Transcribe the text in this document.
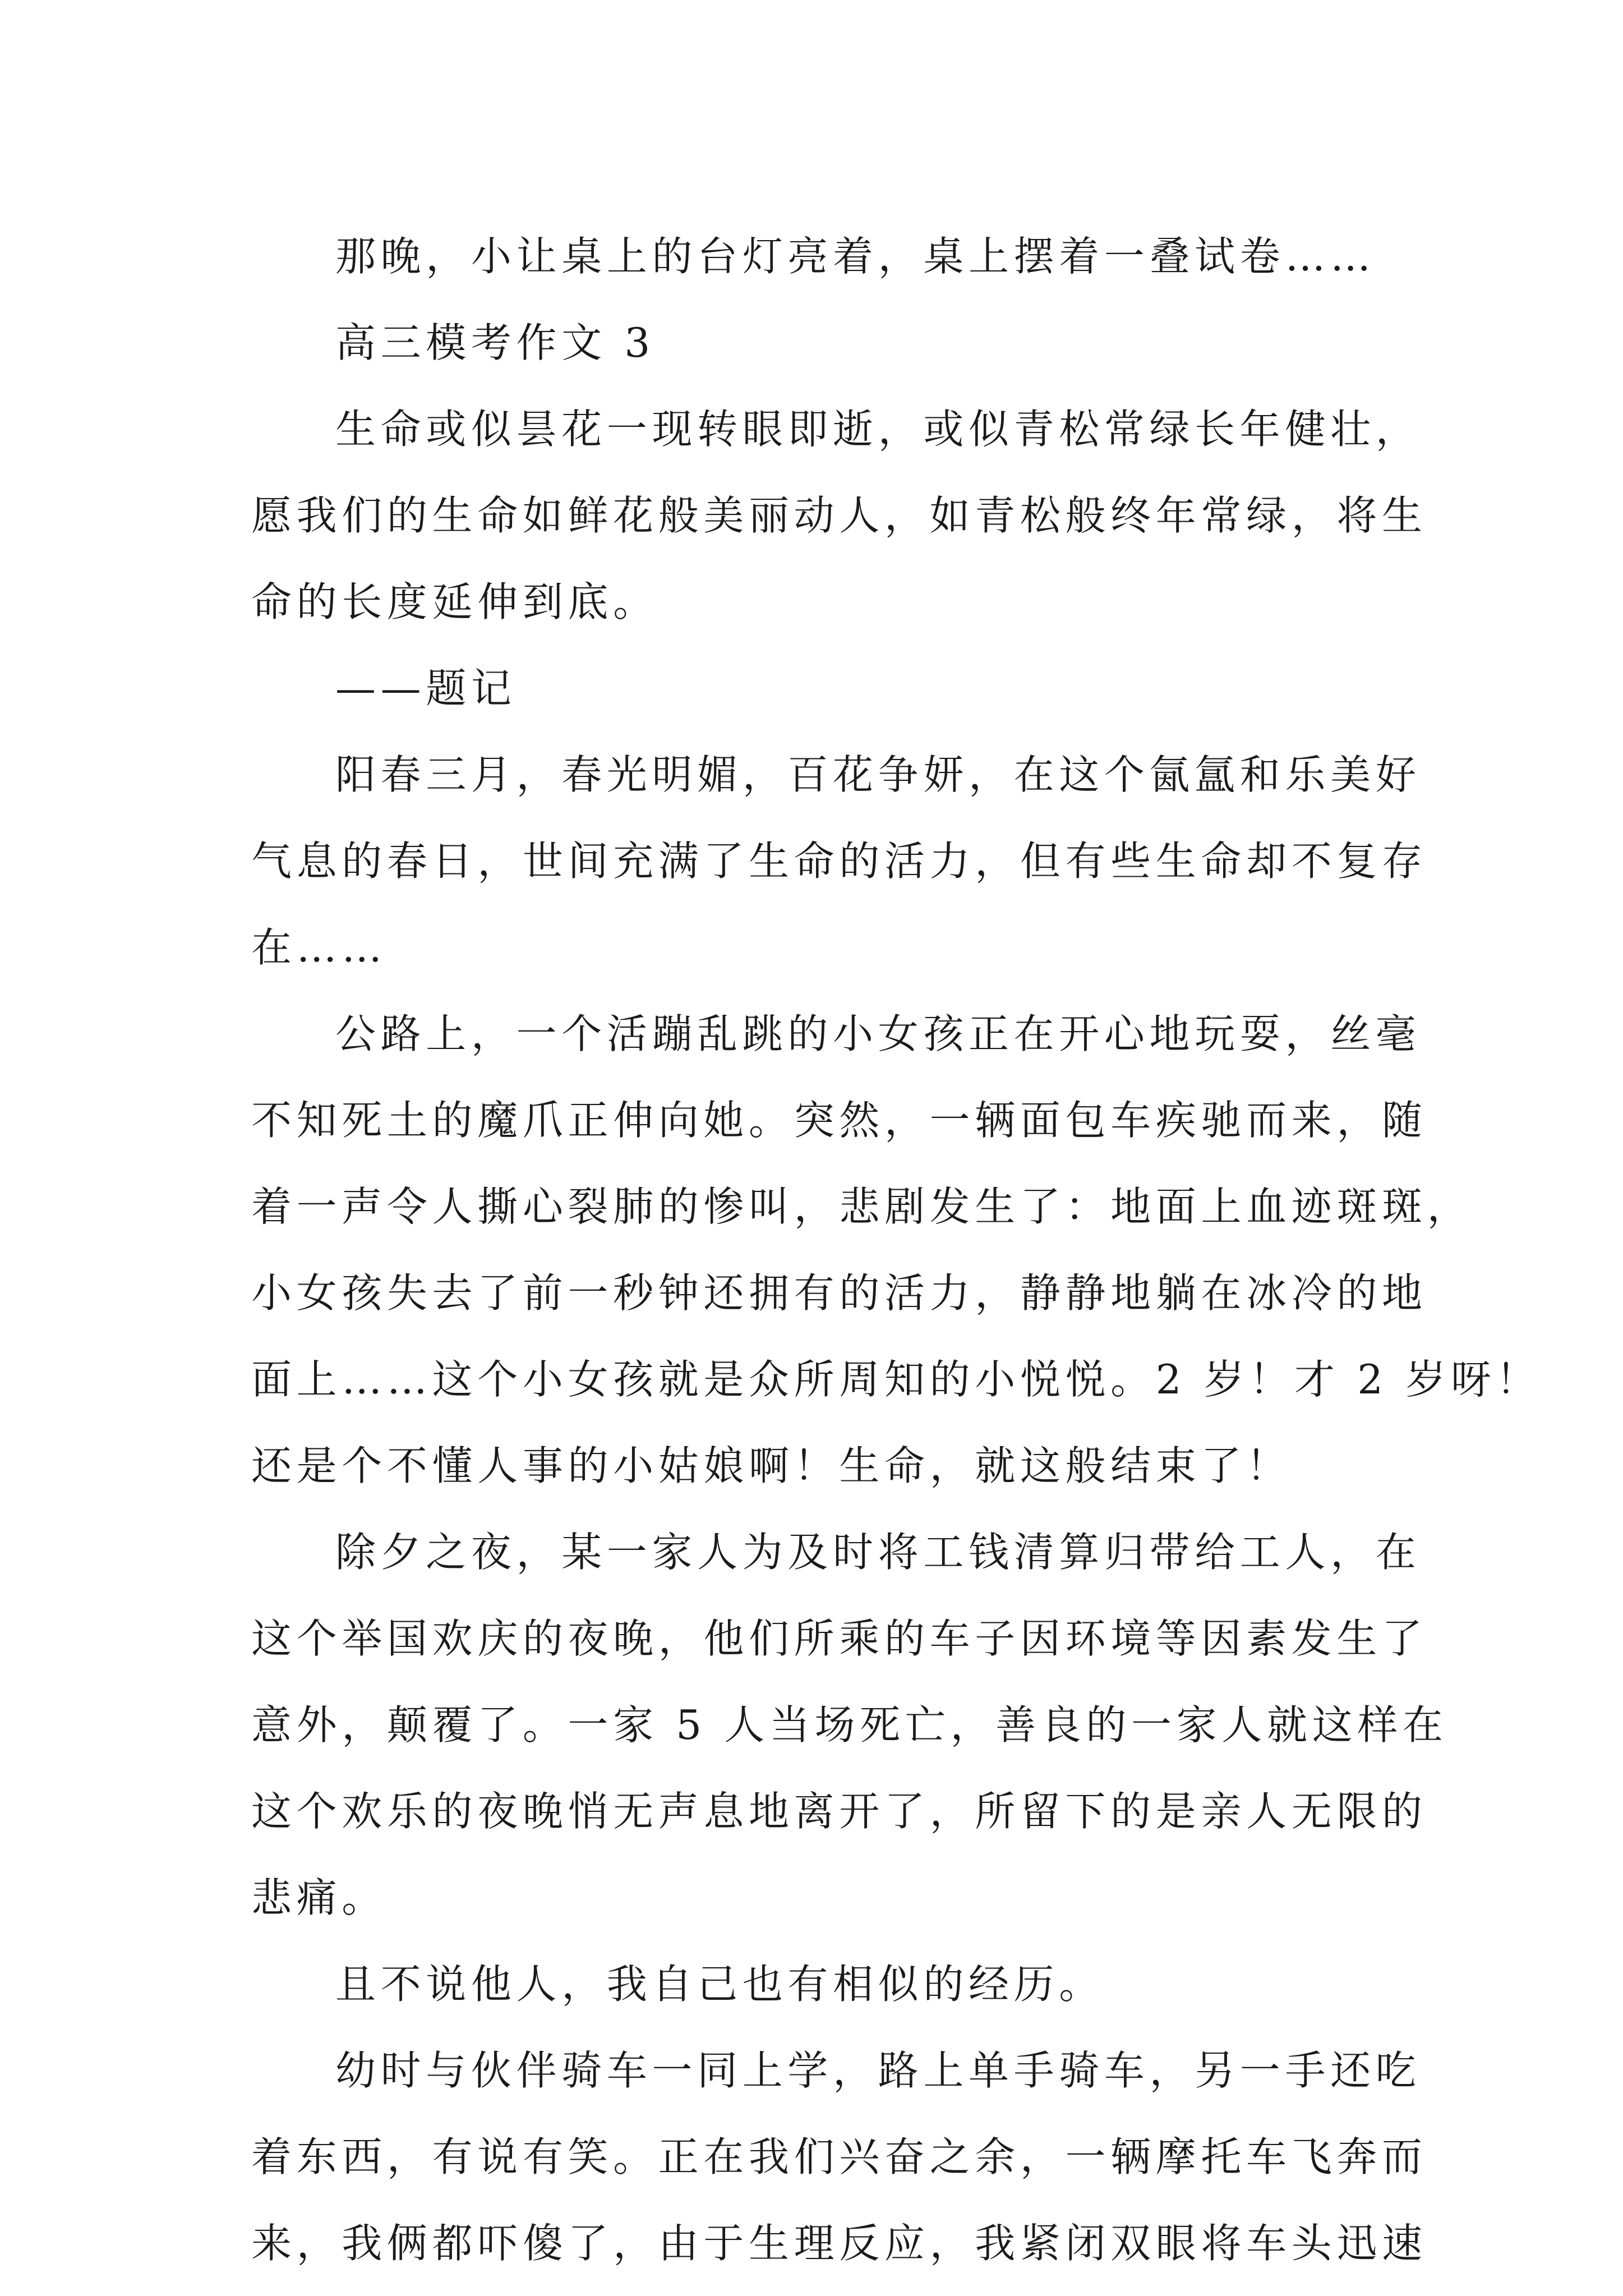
那晚，小让桌上的台灯亮着，桌上摆着一叠试卷……
高三模考作文 3
生命或似昙花一现转眼即逝，或似青松常绿长年健壮，
愿我们的生命如鲜花般美丽动人，如青松般终年常绿，将生
命的长度延伸到底。
——题记
阳春三月，春光明媚，百花争妍，在这个氤氲和乐美好
气息的春日，世间充满了生命的活力，但有些生命却不复存
在……
公路上，一个活蹦乱跳的小女孩正在开心地玩耍，丝毫
不知死土的魔爪正伸向她。突然，一辆面包车疾驰而来，随
着一声令人撕心裂肺的惨叫，悲剧发生了：地面上血迹斑斑，
小女孩失去了前一秒钟还拥有的活力，静静地躺在冰冷的地
面上……这个小女孩就是众所周知的小悦悦。2 岁！才 2 岁呀！
还是个不懂人事的小姑娘啊！生命，就这般结束了！
除夕之夜，某一家人为及时将工钱清算归带给工人，在
这个举国欢庆的夜晚，他们所乘的车子因环境等因素发生了
意外，颠覆了。一家 5 人当场死亡，善良的一家人就这样在
这个欢乐的夜晚悄无声息地离开了，所留下的是亲人无限的
悲痛。
且不说他人，我自己也有相似的经历。
幼时与伙伴骑车一同上学，路上单手骑车，另一手还吃
着东西，有说有笑。正在我们兴奋之余，一辆摩托车飞奔而
来，我俩都吓傻了，由于生理反应，我紧闭双眼将车头迅速
